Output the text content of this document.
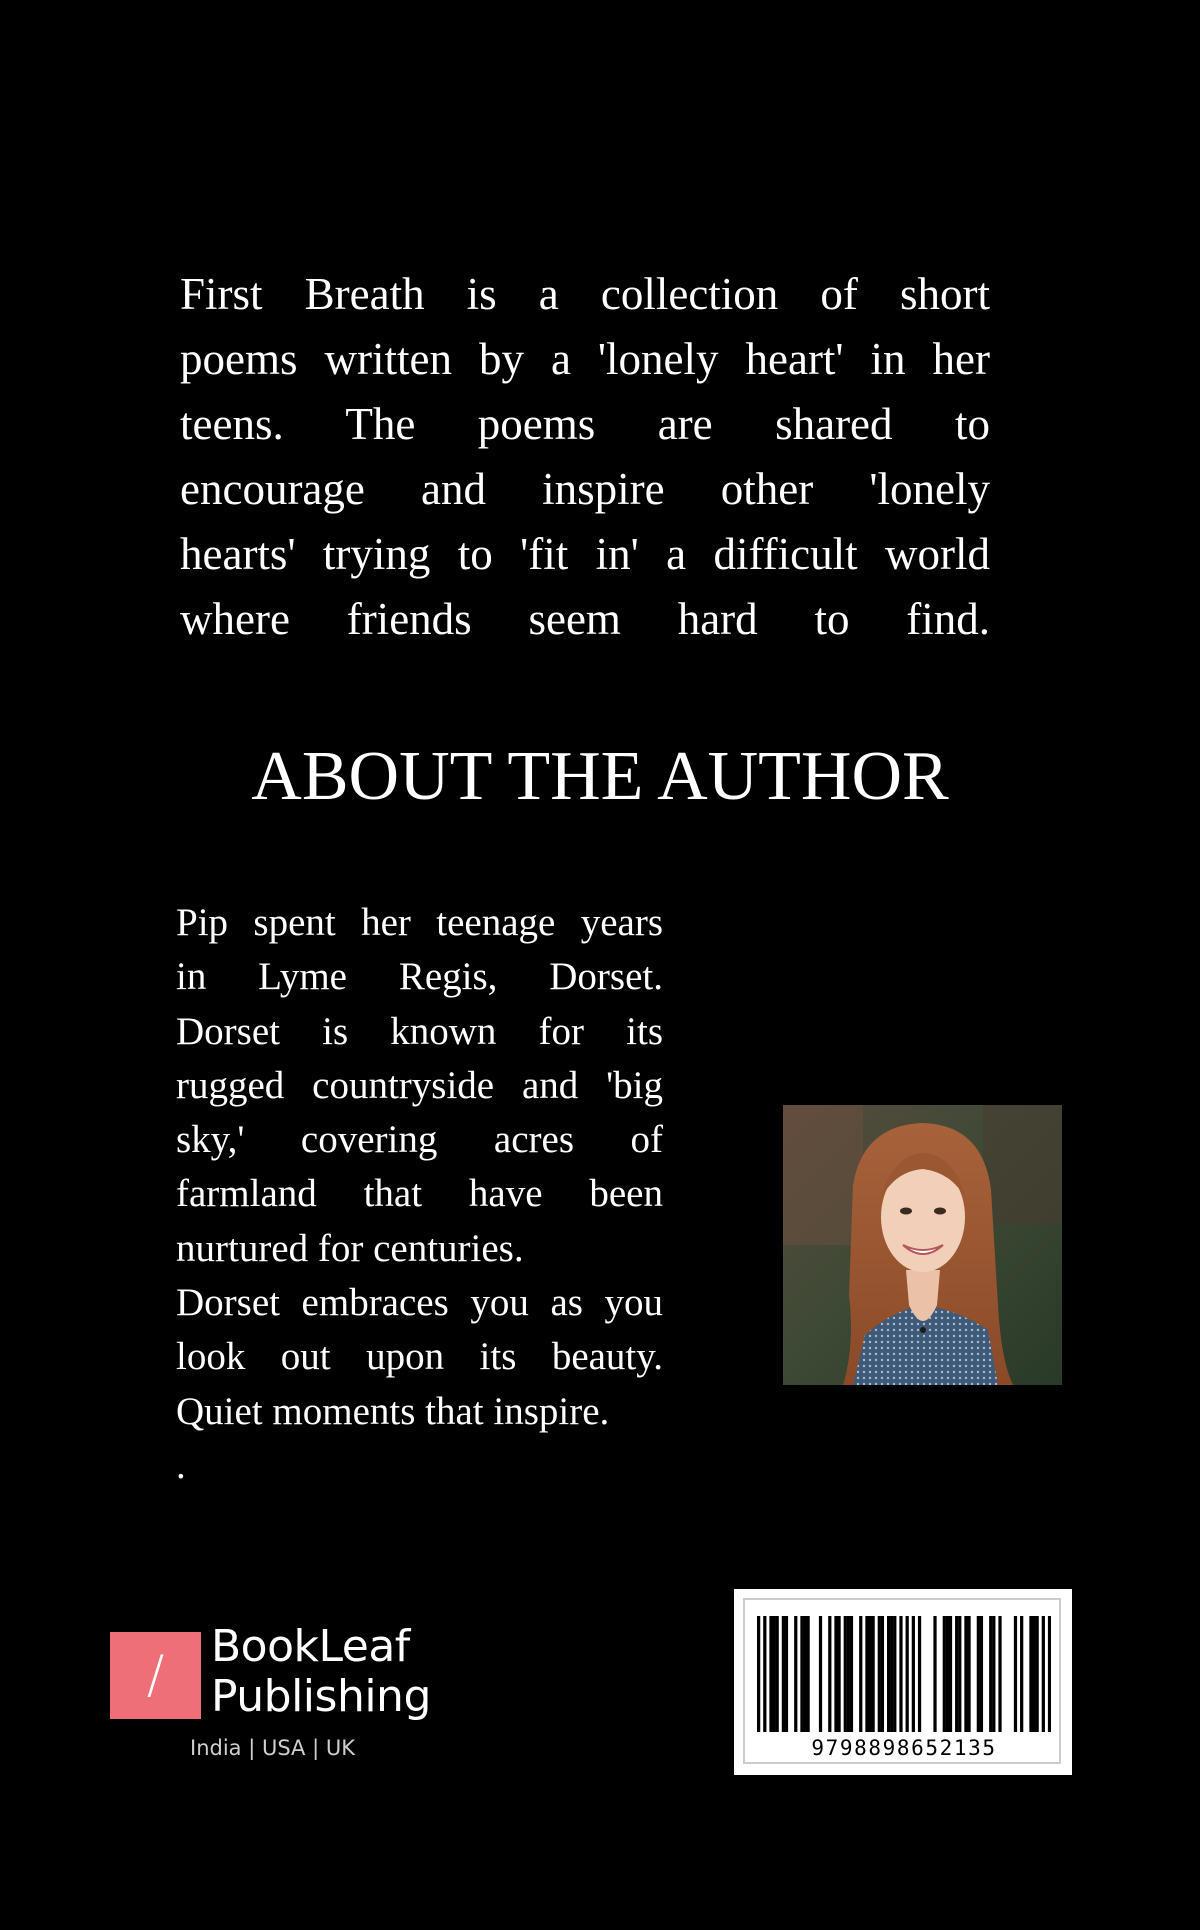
First Breath is a collection of short
poems written by a 'lonely heart' in her
teens. The poems are shared to
encourage and inspire other 'lonely
hearts' trying to 'fit in' a difficult world
where friends seem hard to find.
ABOUT THE AUTHOR
Pip spent her teenage years
in Lyme Regis, Dorset.
Dorset is known for its
rugged countryside and 'big
sky,' covering acres of
farmland that have been
nurtured for centuries.
Dorset embraces you as you
look out upon its beauty.
Quiet moments that inspire.
.
/	BookLeaf
Publishing
India | USA | UK	9798898652135
